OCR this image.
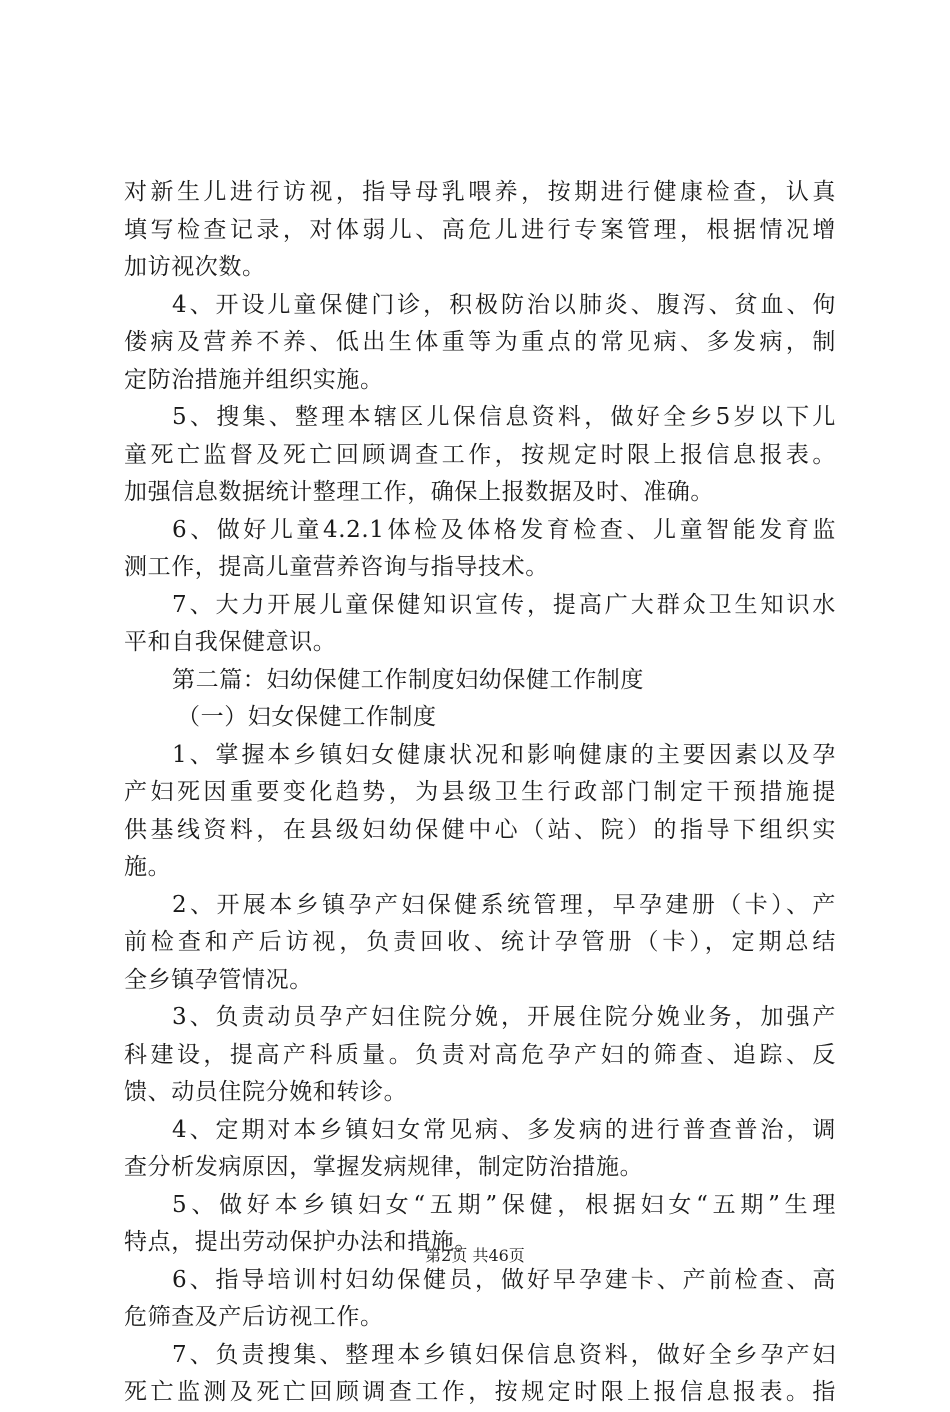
对新生儿进行访视，指导母乳喂养，按期进行健康检查，认真
填写检查记录，对体弱儿、高危儿进行专案管理，根据情况增
加访视次数。
4、开设儿童保健门诊，积极防治以肺炎、腹泻、贫血、佝
偻病及营养不养、低出生体重等为重点的常见病、多发病，制
定防治措施并组织实施。
5、搜集、整理本辖区儿保信息资料，做好全乡5岁以下儿
童死亡监督及死亡回顾调查工作，按规定时限上报信息报表。
加强信息数据统计整理工作，确保上报数据及时、准确。
6、做好儿童4.2.1体检及体格发育检查、儿童智能发育监
测工作，提高儿童营养咨询与指导技术。
7、大力开展儿童保健知识宣传，提高广大群众卫生知识水
平和自我保健意识。
第二篇：妇幼保健工作制度妇幼保健工作制度
（一）妇女保健工作制度
1、掌握本乡镇妇女健康状况和影响健康的主要因素以及孕
产妇死因重要变化趋势，为县级卫生行政部门制定干预措施提
供基线资料，在县级妇幼保健中心（站、院）的指导下组织实
施。
2、开展本乡镇孕产妇保健系统管理，早孕建册（卡）、产
前检查和产后访视，负责回收、统计孕管册（卡），定期总结
全乡镇孕管情况。
3、负责动员孕产妇住院分娩，开展住院分娩业务，加强产
科建设，提高产科质量。负责对高危孕产妇的筛查、追踪、反
馈、动员住院分娩和转诊。
4、定期对本乡镇妇女常见病、多发病的进行普查普治，调
查分析发病原因，掌握发病规律，制定防治措施。
5、做好本乡镇妇女“五期”保健，根据妇女“五期”生理
特点，提出劳动保护办法和措施。
6、指导培训村妇幼保健员，做好早孕建卡、产前检查、高
危筛查及产后访视工作。
7、负责搜集、整理本乡镇妇保信息资料，做好全乡孕产妇
死亡监测及死亡回顾调查工作，按规定时限上报信息报表。指
第2页 共46页
